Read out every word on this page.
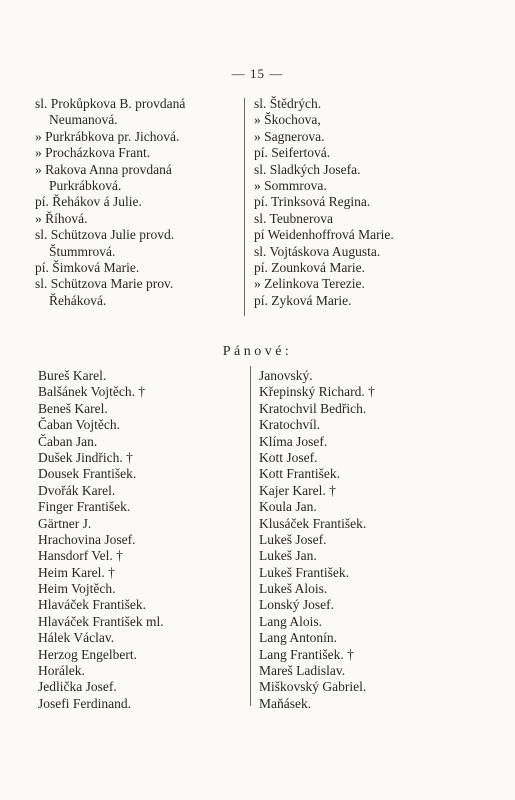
— 15 —
sl. Prokůpkova B. provdaná
Neumanová.
» Purkrábkova pr. Jichová.
» Procházkova Frant.
» Rakova Anna provdaná
Purkrábková.
pí. Řehákov á Julie.
» Říhová.
sl. Schützova Julie provd.
Štummrová.
pí. Šimková Marie.
sl. Schützova Marie prov.
Řeháková.
sl. Štědrých.
» Škochova,
» Sagnerova.
pí. Seifertová.
sl. Sladkých Josefa.
» Sommrova.
pí. Trinksová Regina.
sl. Teubnerova
pí Weidenhoffrová Marie.
sl. Vojtáskova Augusta.
pí. Zounková Marie.
» Zelinkova Terezie.
pí. Zyková Marie.
Pánové:
Bureš Karel.
Balšánek Vojtěch. †
Beneš Karel.
Čaban Vojtěch.
Čaban Jan.
Dušek Jindřich. †
Dousek František.
Dvořák Karel.
Finger František.
Gärtner J.
Hrachovina Josef.
Hansdorf Vel. †
Heim Karel. †
Heim Vojtěch.
Hlaváček František.
Hlaváček František ml.
Hálek Václav.
Herzog Engelbert.
Horálek.
Jedlička Josef.
Josefi Ferdinand.
Janovský.
Křepinský Richard. †
Kratochvil Bedřich.
Kratochvíl.
Klíma Josef.
Kott Josef.
Kott František.
Kajer Karel. †
Koula Jan.
Klusáček František.
Lukeš Josef.
Lukeš Jan.
Lukeš František.
Lukeš Alois.
Lonský Josef.
Lang Alois.
Lang Antonín.
Lang František. †
Mareš Ladislav.
Miškovský Gabriel.
Maňásek.
